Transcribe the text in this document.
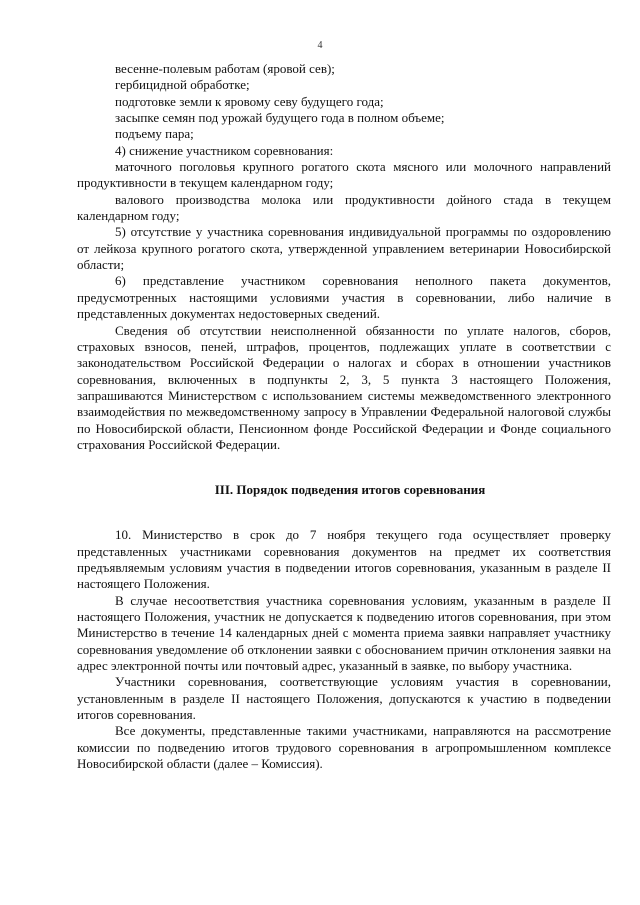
4

весенне-полевым работам (яровой сев);

гербицидной обработке;

подготовке земли к яровому севу будущего года;

засыпке семян под урожай будущего года в полном объеме;

подъему пара;

4) снижение участником соревнования:

маточного поголовья крупного рогатого скота мясного или молочного направлений продуктивности в текущем календарном году;

валового производства молока или продуктивности дойного стада в текущем календарном году;

5) отсутствие у участника соревнования индивидуальной программы по оздоровлению от лейкоза крупного рогатого скота, утвержденной управлением ветеринарии Новосибирской области;

6) представление участником соревнования неполного пакета документов, предусмотренных настоящими условиями участия в соревновании, либо наличие в представленных документах недостоверных сведений.

Сведения об отсутствии неисполненной обязанности по уплате налогов, сборов, страховых взносов, пеней, штрафов, процентов, подлежащих уплате в соответствии с законодательством Российской Федерации о налогах и сборах в отношении участников соревнования, включенных в подпункты 2, 3, 5 пункта 3 настоящего Положения, запрашиваются Министерством с использованием системы межведомственного электронного взаимодействия по межведомственному запросу в Управлении Федеральной налоговой службы по Новосибирской области, Пенсионном фонде Российской Федерации и Фонде социального страхования Российской Федерации.

III. Порядок подведения итогов соревнования

10. Министерство в срок до 7 ноября текущего года осуществляет проверку представленных участниками соревнования документов на предмет их соответствия предъявляемым условиям участия в подведении итогов соревнования, указанным в разделе II настоящего Положения.

В случае несоответствия участника соревнования условиям, указанным в разделе II настоящего Положения, участник не допускается к подведению итогов соревнования, при этом Министерство в течение 14 календарных дней с момента приема заявки направляет участнику соревнования уведомление об отклонении заявки с обоснованием причин отклонения заявки на адрес электронной почты или почтовый адрес, указанный в заявке, по выбору участника.

Участники соревнования, соответствующие условиям участия в соревновании, установленным в разделе II настоящего Положения, допускаются к участию в подведении итогов соревнования.

Все документы, представленные такими участниками, направляются на рассмотрение комиссии по подведению итогов трудового соревнования в агропромышленном комплексе Новосибирской области (далее – Комиссия).
